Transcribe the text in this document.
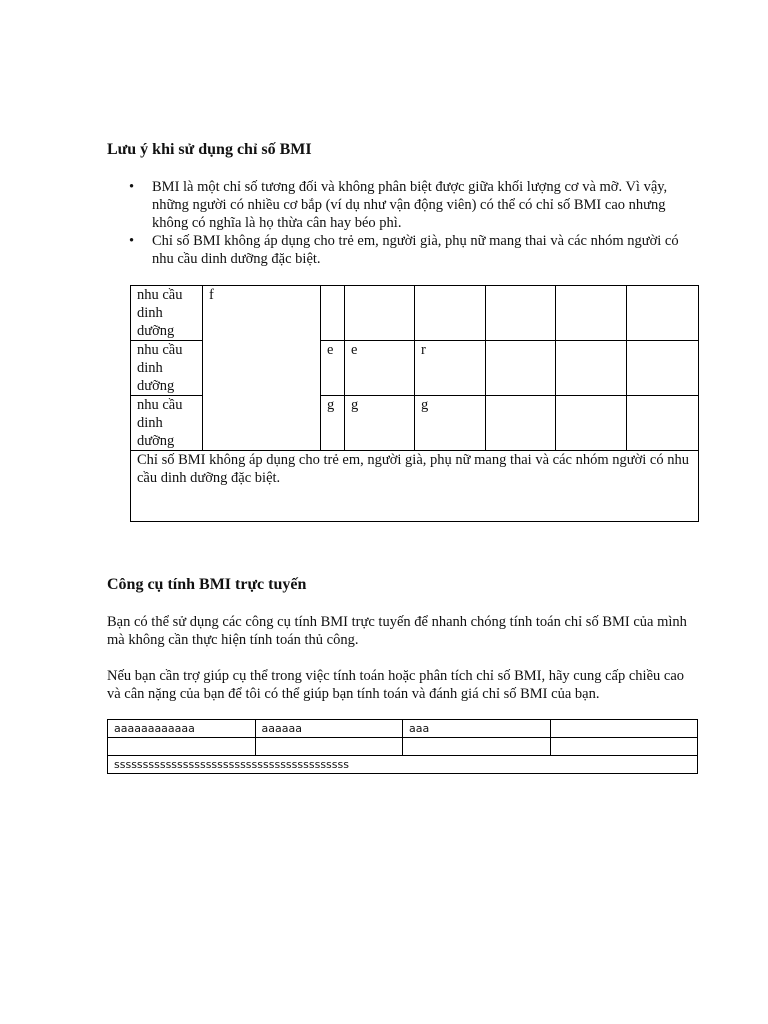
Lưu ý khi sử dụng chỉ số BMI
• BMI là một chỉ số tương đối và không phân biệt được giữa khối lượng cơ và mỡ. Vì vậy, những người có nhiều cơ bắp (ví dụ như vận động viên) có thể có chỉ số BMI cao nhưng không có nghĩa là họ thừa cân hay béo phì.
• Chỉ số BMI không áp dụng cho trẻ em, người già, phụ nữ mang thai và các nhóm người có nhu cầu dinh dưỡng đặc biệt.
nhu cầu dinh dưỡng	f						
nhu cầu dinh dưỡng		e	e	r			
nhu cầu dinh dưỡng		g	g	g			
Chỉ số BMI không áp dụng cho trẻ em, người già, phụ nữ mang thai và các nhóm người có nhu cầu dinh dưỡng đặc biệt.							
Công cụ tính BMI trực tuyến

Bạn có thể sử dụng các công cụ tính BMI trực tuyến để nhanh chóng tính toán chỉ số BMI của mình mà không cần thực hiện tính toán thủ công.

Nếu bạn cần trợ giúp cụ thể trong việc tính toán hoặc phân tích chỉ số BMI, hãy cung cấp chiều cao và cân nặng của bạn để tôi có thể giúp bạn tính toán và đánh giá chỉ số BMI của bạn.

aaaaaaaaaaaa	aaaaaa	aaa	

sssssssssssssssssssssssssssssssssssssssss			
